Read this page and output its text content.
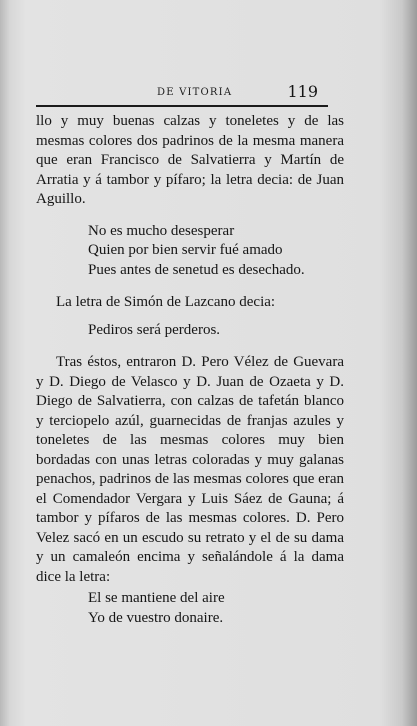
DE VITORIA	119

llo y muy buenas calzas y toneletes y de las mesmas colores dos padrinos de la mesma manera que eran Francisco de Salvatierra y Martín de Arratia y á tambor y pífaro; la letra decia: de Juan Aguillo.

No es mucho desesperar
Quien por bien servir fué amado
Pues antes de senetud es desechado.

La letra de Simón de Lazcano decia:

Pediros será perderos.

Tras éstos, entraron D. Pero Vélez de Guevara y D. Diego de Velasco y D. Juan de Ozaeta y D. Diego de Salvatierra, con calzas de tafetán blanco y terciopelo azúl, guarnecidas de franjas azules y toneletes de las mesmas colores muy bien bordadas con unas letras coloradas y muy galanas penachos, padrinos de las mesmas colores que eran el Comendador Vergara y Luis Sáez de Gauna; á tambor y pífaros de las mesmas colores. D. Pero Velez sacó en un escudo su retrato y el de su dama y un camaleón encima y señalándole á la dama dice la letra:

El se mantiene del aire
Yo de vuestro donaire.
